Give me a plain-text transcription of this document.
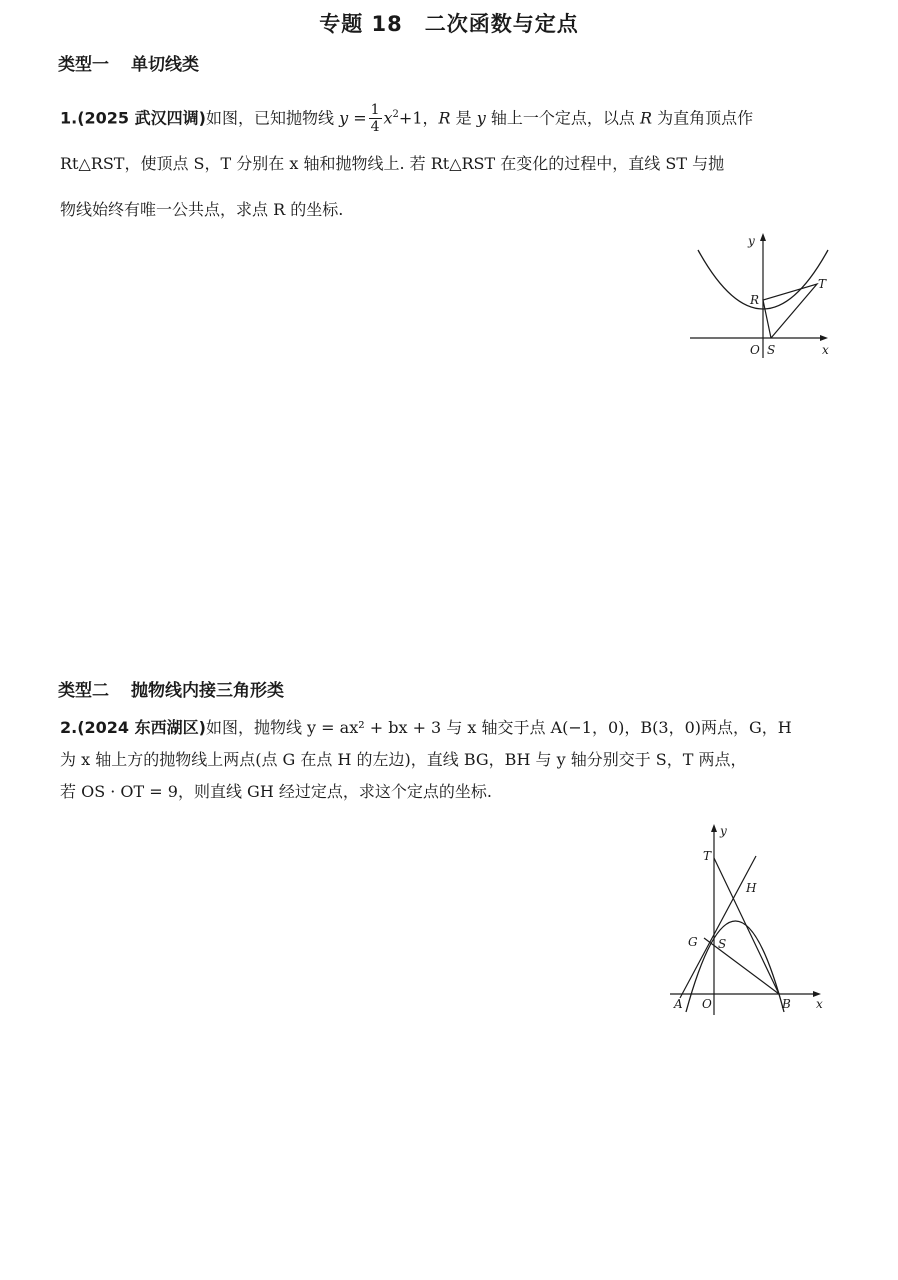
专题 18　二次函数与定点
类型一 单切线类
1.(2025 武汉四调)如图，已知抛物线 $y = \frac{1}{4} x^2+1$，R 是 y 轴上一个定点，以点 R 为直角顶点作
Rt△RST，使顶点 S，T 分别在 x 轴和抛物线上. 若 Rt△RST 在变化的过程中，直线 ST 与抛
物线始终有唯一公共点，求点 R 的坐标.
y
x
O S
R
T
类型二 抛物线内接三角形类
2.(2024 东西湖区)如图，抛物线 y = ax² + bx + 3 与 x 轴交于点 A(−1，0)，B(3，0)两点，G，H
为 x 轴上方的抛物线上两点(点 G 在点 H 的左边)，直线 BG，BH 与 y 轴分别交于 S，T 两点，
若 OS · OT = 9，则直线 GH 经过定点，求这个定点的坐标.
y
x
O
A	B
G
H
S
T
